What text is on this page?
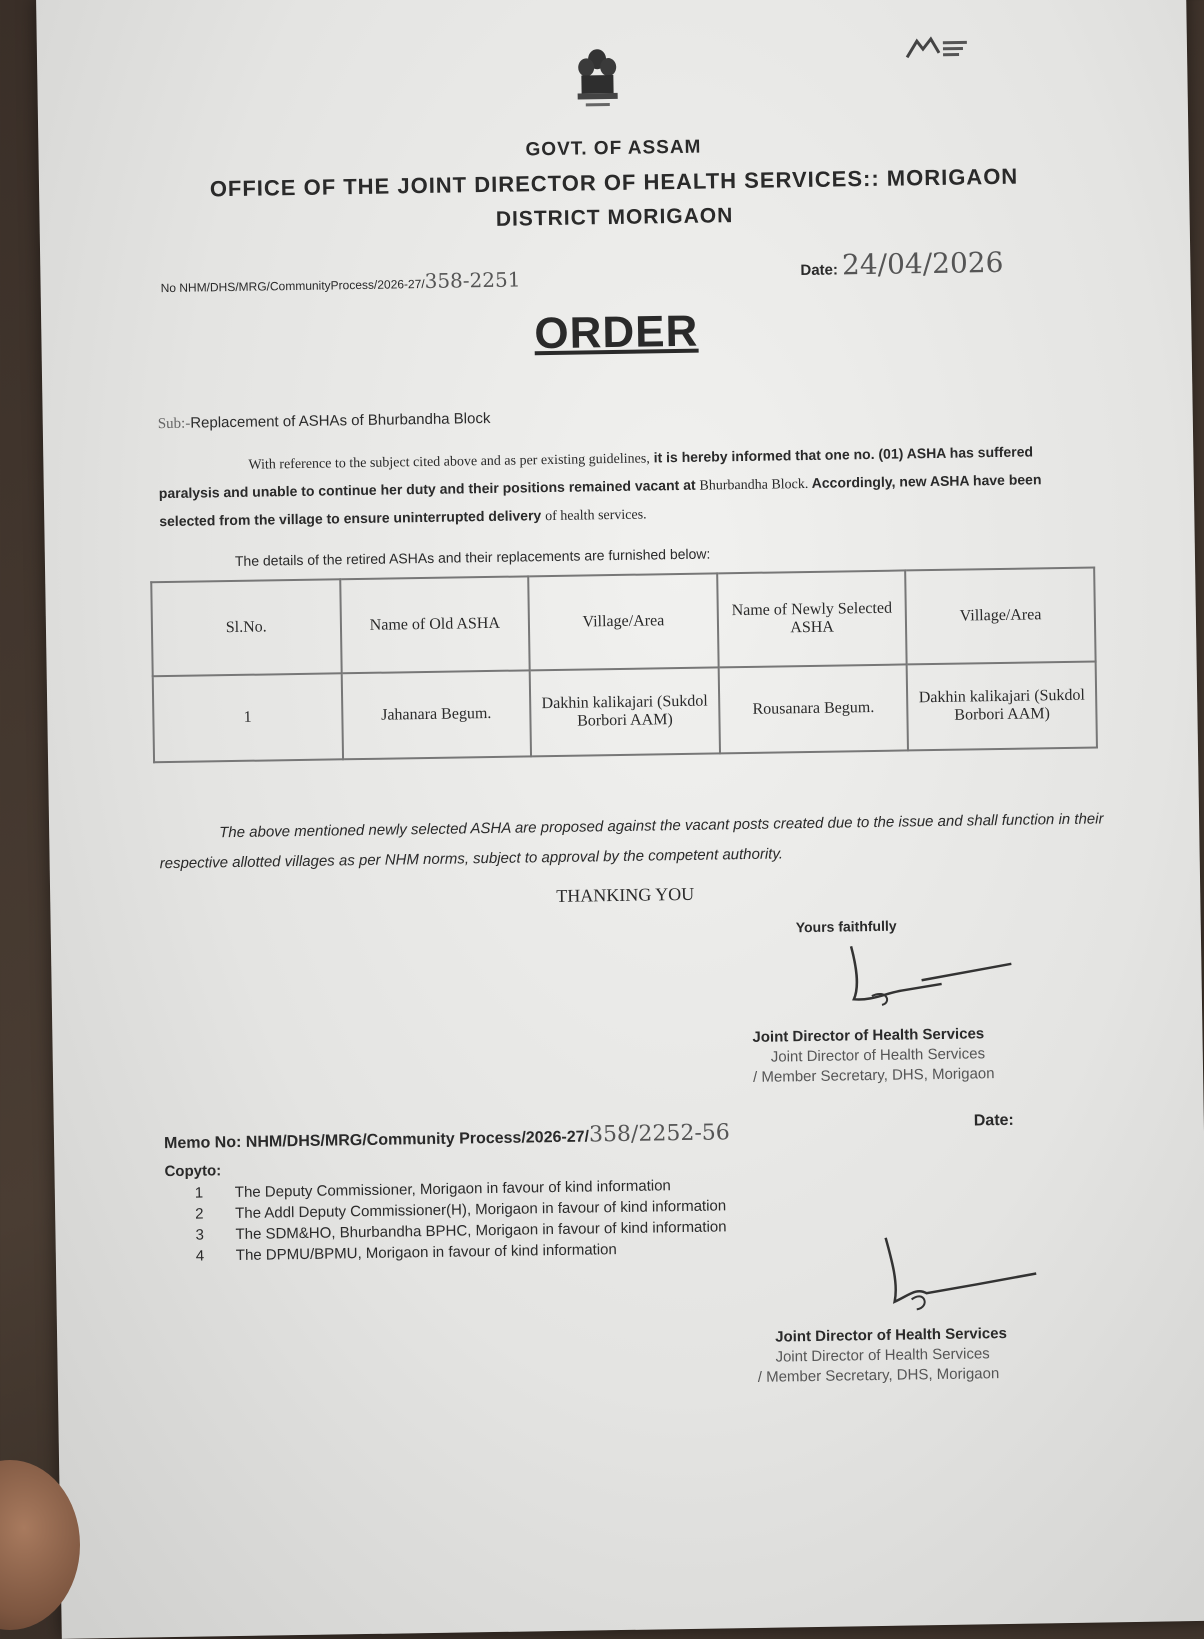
GOVT. OF ASSAM
OFFICE OF THE JOINT DIRECTOR OF HEALTH SERVICES:: MORIGAON
DISTRICT MORIGAON
No NHM/DHS/MRG/CommunityProcess/2026-27/358-2251	Date: 24/04/2026
ORDER
Sub:-Replacement of ASHAs of Bhurbandha Block
With reference to the subject cited above and as per existing guidelines, it is hereby informed that one no. (01) ASHA has suffered paralysis and unable to continue her duty and their positions remained vacant at Bhurbandha Block. Accordingly, new ASHA have been selected from the village to ensure uninterrupted delivery of health services.
The details of the retired ASHAs and their replacements are furnished below:
Sl.No.	Name of Old ASHA	Village/Area	Name of Newly Selected ASHA	Village/Area
1	Jahanara Begum.	Dakhin kalikajari (Sukdol Borbori AAM)	Rousanara Begum.	Dakhin kalikajari (Sukdol Borbori AAM)
The above mentioned newly selected ASHA are proposed against the vacant posts created due to the issue and shall function in their respective allotted villages as per NHM norms, subject to approval by the competent authority.
THANKING YOU
Yours faithfully
Joint Director of Health Services
Joint Director of Health Services
/ Member Secretary, DHS, Morigaon
Memo No: NHM/DHS/MRG/Community Process/2026-27/358/2252-56	Date:
Copyto:
1 The Deputy Commissioner, Morigaon in favour of kind information
2 The Addl Deputy Commissioner(H), Morigaon in favour of kind information
3 The SDM&HO, Bhurbandha BPHC, Morigaon in favour of kind information
4 The DPMU/BPMU, Morigaon in favour of kind information
Joint Director of Health Services
Joint Director of Health Services
/ Member Secretary, DHS, Morigaon
